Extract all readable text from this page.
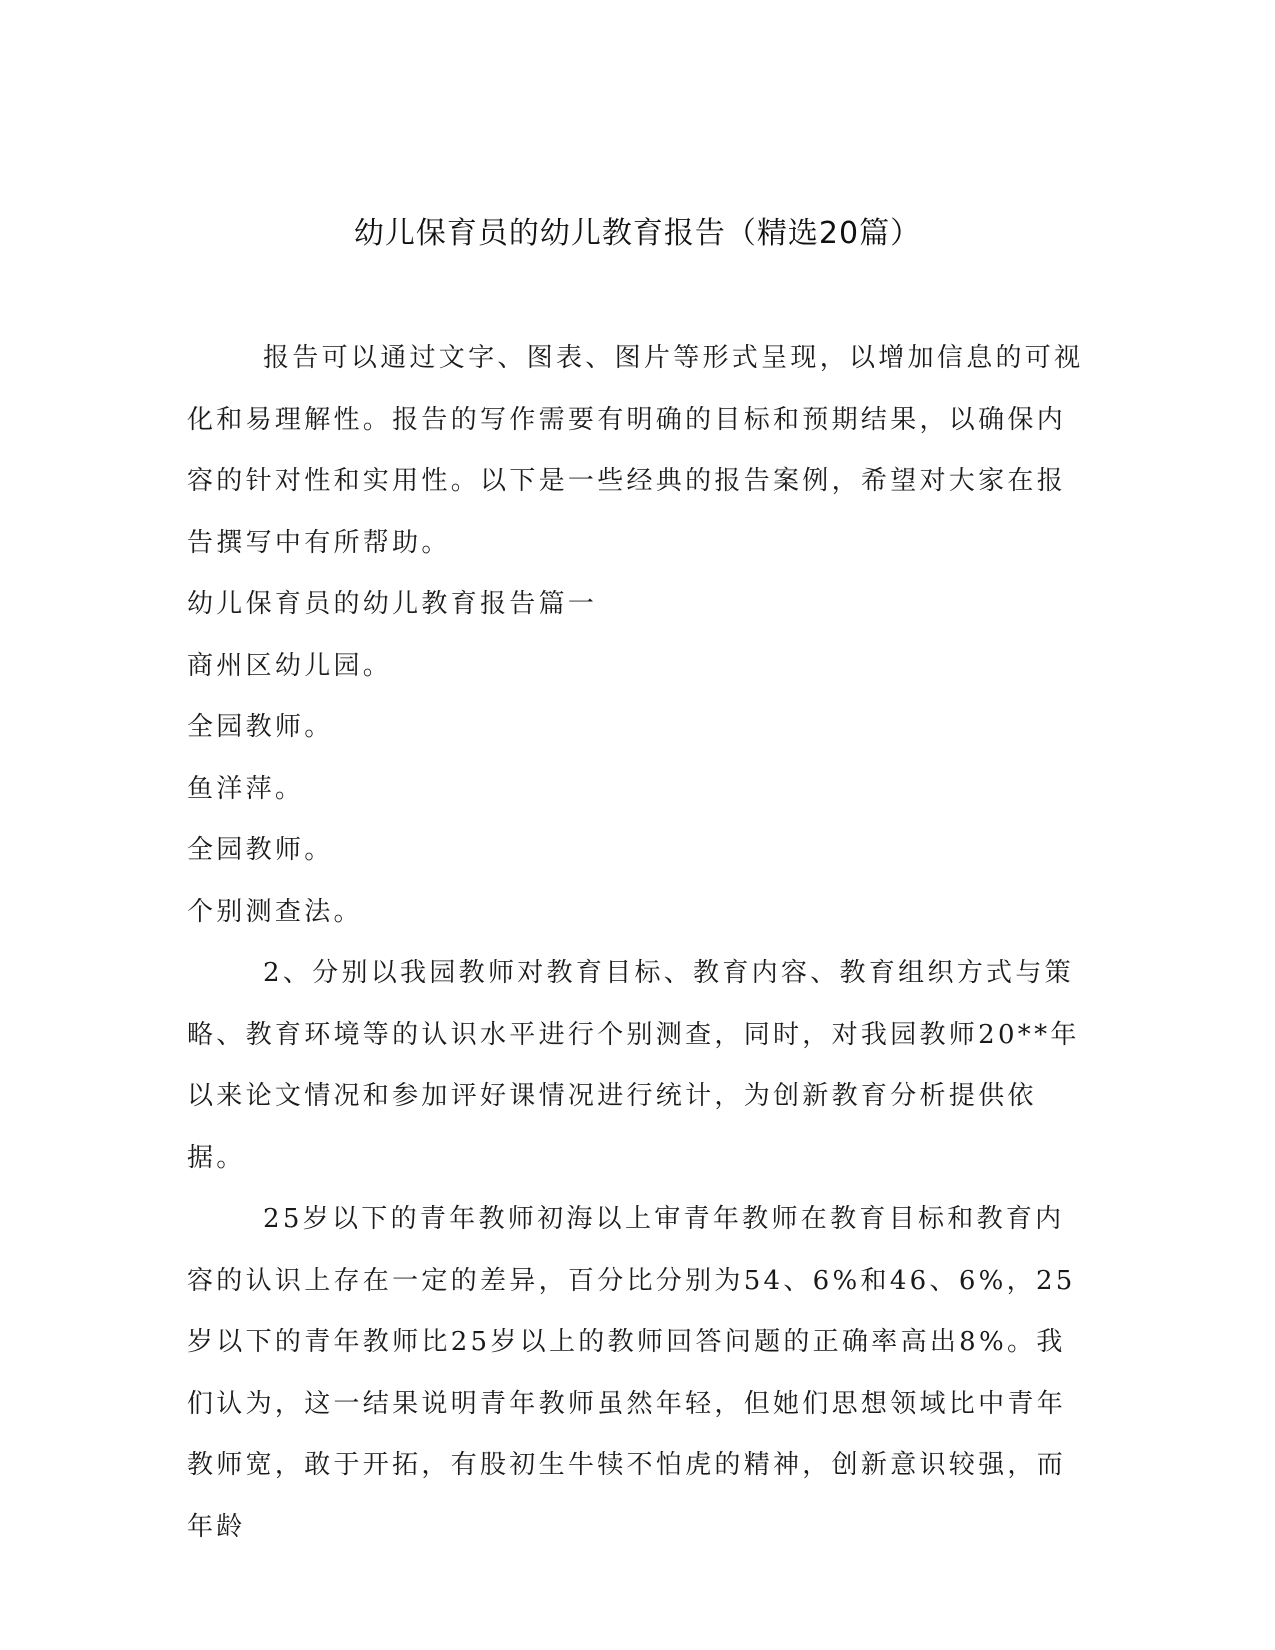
幼儿保育员的幼儿教育报告（精选20篇）

报告可以通过文字、图表、图片等形式呈现，以增加信息的可视化和易理解性。报告的写作需要有明确的目标和预期结果，以确保内容的针对性和实用性。以下是一些经典的报告案例，希望对大家在报告撰写中有所帮助。

幼儿保育员的幼儿教育报告篇一

商州区幼儿园。

全园教师。

鱼洋萍。

全园教师。

个别测查法。

2、分别以我园教师对教育目标、教育内容、教育组织方式与策略、教育环境等的认识水平进行个别测查，同时，对我园教师20**年以来论文情况和参加评好课情况进行统计，为创新教育分析提供依据。

25岁以下的青年教师初海以上审青年教师在教育目标和教育内容的认识上存在一定的差异，百分比分别为54、6%和46、6%，25岁以下的青年教师比25岁以上的教师回答问题的正确率高出8%。我们认为，这一结果说明青年教师虽然年轻，但她们思想领域比中青年教师宽，敢于开拓，有股初生牛犊不怕虎的精神，创新意识较强，而年龄
